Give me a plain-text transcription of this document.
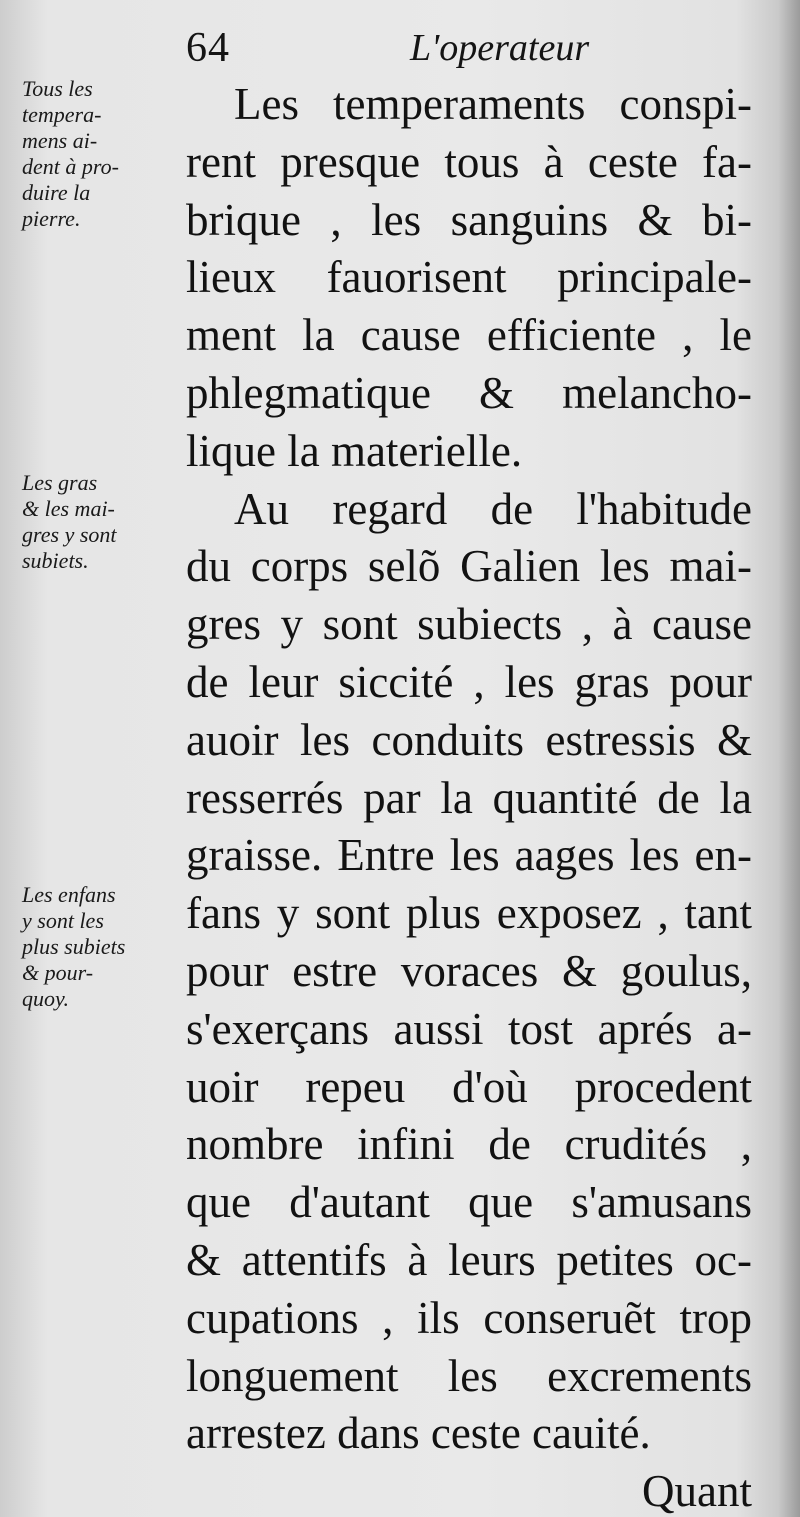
64	L'operateur
Tous les
tempera-
mens ai-
dent à pro-
duire la
pierre.
Les gras
& les mai-
gres y sont
subiets.
Les enfans
y sont les
plus subiets
& pour-
quoy.
Les temperaments conspi-
rent presque tous à ceste fa-
brique , les sanguins & bi-
lieux fauorisent principale-
ment la cause efficiente , le
phlegmatique & melancho-
lique la materielle.
Au regard de l'habitude
du corps selõ Galien les mai-
gres y sont subiects , à cause
de leur siccité , les gras pour
auoir les conduits estressis &
resserrés par la quantité de la
graisse. Entre les aages les en-
fans y sont plus exposez , tant
pour estre voraces & goulus,
s'exerçans aussi tost aprés a-
uoir repeu d'où procedent
nombre infini de crudités ,
que d'autant que s'amusans
& attentifs à leurs petites oc-
cupations , ils conseruẽt trop
longuement les excrements
arrestez dans ceste cauité.
Quant
